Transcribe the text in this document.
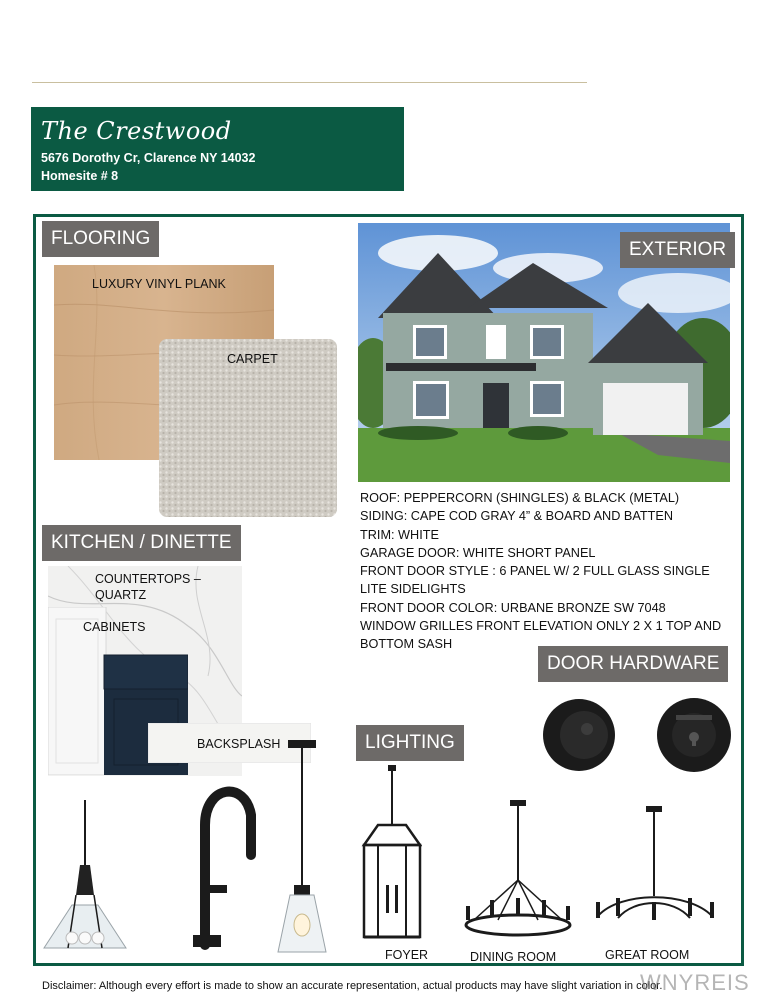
The Crestwood
5676 Dorothy Cr, Clarence NY 14032
Homesite # 8
FLOORING
LUXURY VINYL PLANK
CARPET
EXTERIOR
ROOF: PEPPERCORN (SHINGLES) & BLACK (METAL)
SIDING: CAPE COD GRAY 4” & BOARD AND BATTEN
TRIM: WHITE
GARAGE DOOR: WHITE SHORT PANEL
FRONT DOOR STYLE : 6 PANEL W/ 2 FULL GLASS SINGLE
LITE SIDELIGHTS
FRONT DOOR COLOR: URBANE BRONZE SW 7048
WINDOW GRILLES FRONT ELEVATION ONLY 2 X 1 TOP AND
BOTTOM SASH
COUNTERTOPS –
QUARTZ
CABINETS
BACKSPLASH
KITCHEN / DINETTE
DOOR HARDWARE
LIGHTING
FOYER	DINING ROOM	GREAT ROOM
Disclaimer: Although every effort is made to show an accurate representation, actual products may have slight variation in color.
WNYREIS
